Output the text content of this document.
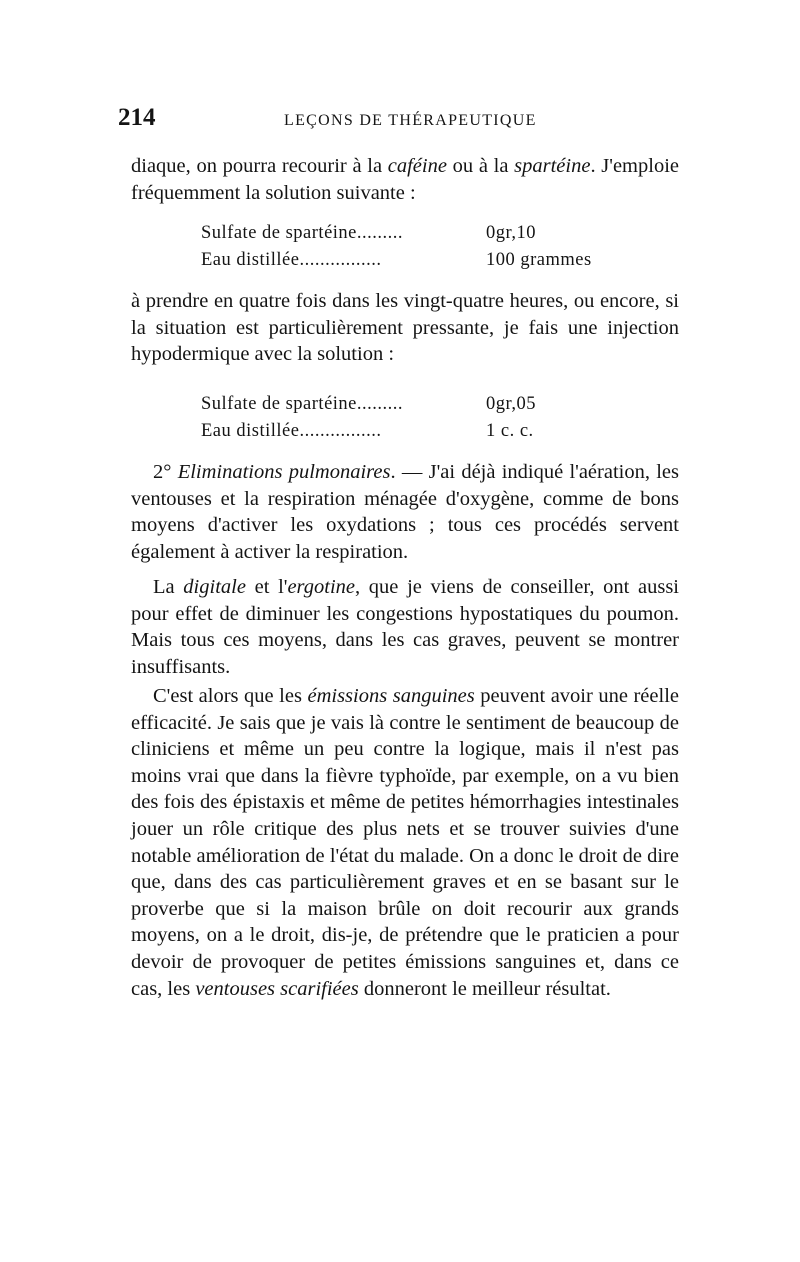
214	LEÇONS DE THÉRAPEUTIQUE

diaque, on pourra recourir à la caféine ou à la spartéine. J'emploie fréquemment la solution suivante :

Sulfate de spartéine.........	0gr,10
Eau distillée................	100 grammes

à prendre en quatre fois dans les vingt-quatre heures, ou encore, si la situation est particulièrement pressante, je fais une injection hypodermique avec la solution :

Sulfate de spartéine.........	0gr,05
Eau distillée................	1 c. c.

2° Eliminations pulmonaires. — J'ai déjà indiqué l'aération, les ventouses et la respiration ménagée d'oxygène, comme de bons moyens d'activer les oxydations ; tous ces procédés servent également à activer la respiration.

La digitale et l'ergotine, que je viens de conseiller, ont aussi pour effet de diminuer les congestions hypostatiques du poumon. Mais tous ces moyens, dans les cas graves, peuvent se montrer insuffisants.

C'est alors que les émissions sanguines peuvent avoir une réelle efficacité. Je sais que je vais là contre le sentiment de beaucoup de cliniciens et même un peu contre la logique, mais il n'est pas moins vrai que dans la fièvre typhoïde, par exemple, on a vu bien des fois des épistaxis et même de petites hémorrhagies intestinales jouer un rôle critique des plus nets et se trouver suivies d'une notable amélioration de l'état du malade. On a donc le droit de dire que, dans des cas particulièrement graves et en se basant sur le proverbe que si la maison brûle on doit recourir aux grands moyens, on a le droit, dis-je, de prétendre que le praticien a pour devoir de provoquer de petites émissions sanguines et, dans ce cas, les ventouses scarifiées donneront le meilleur résultat.
